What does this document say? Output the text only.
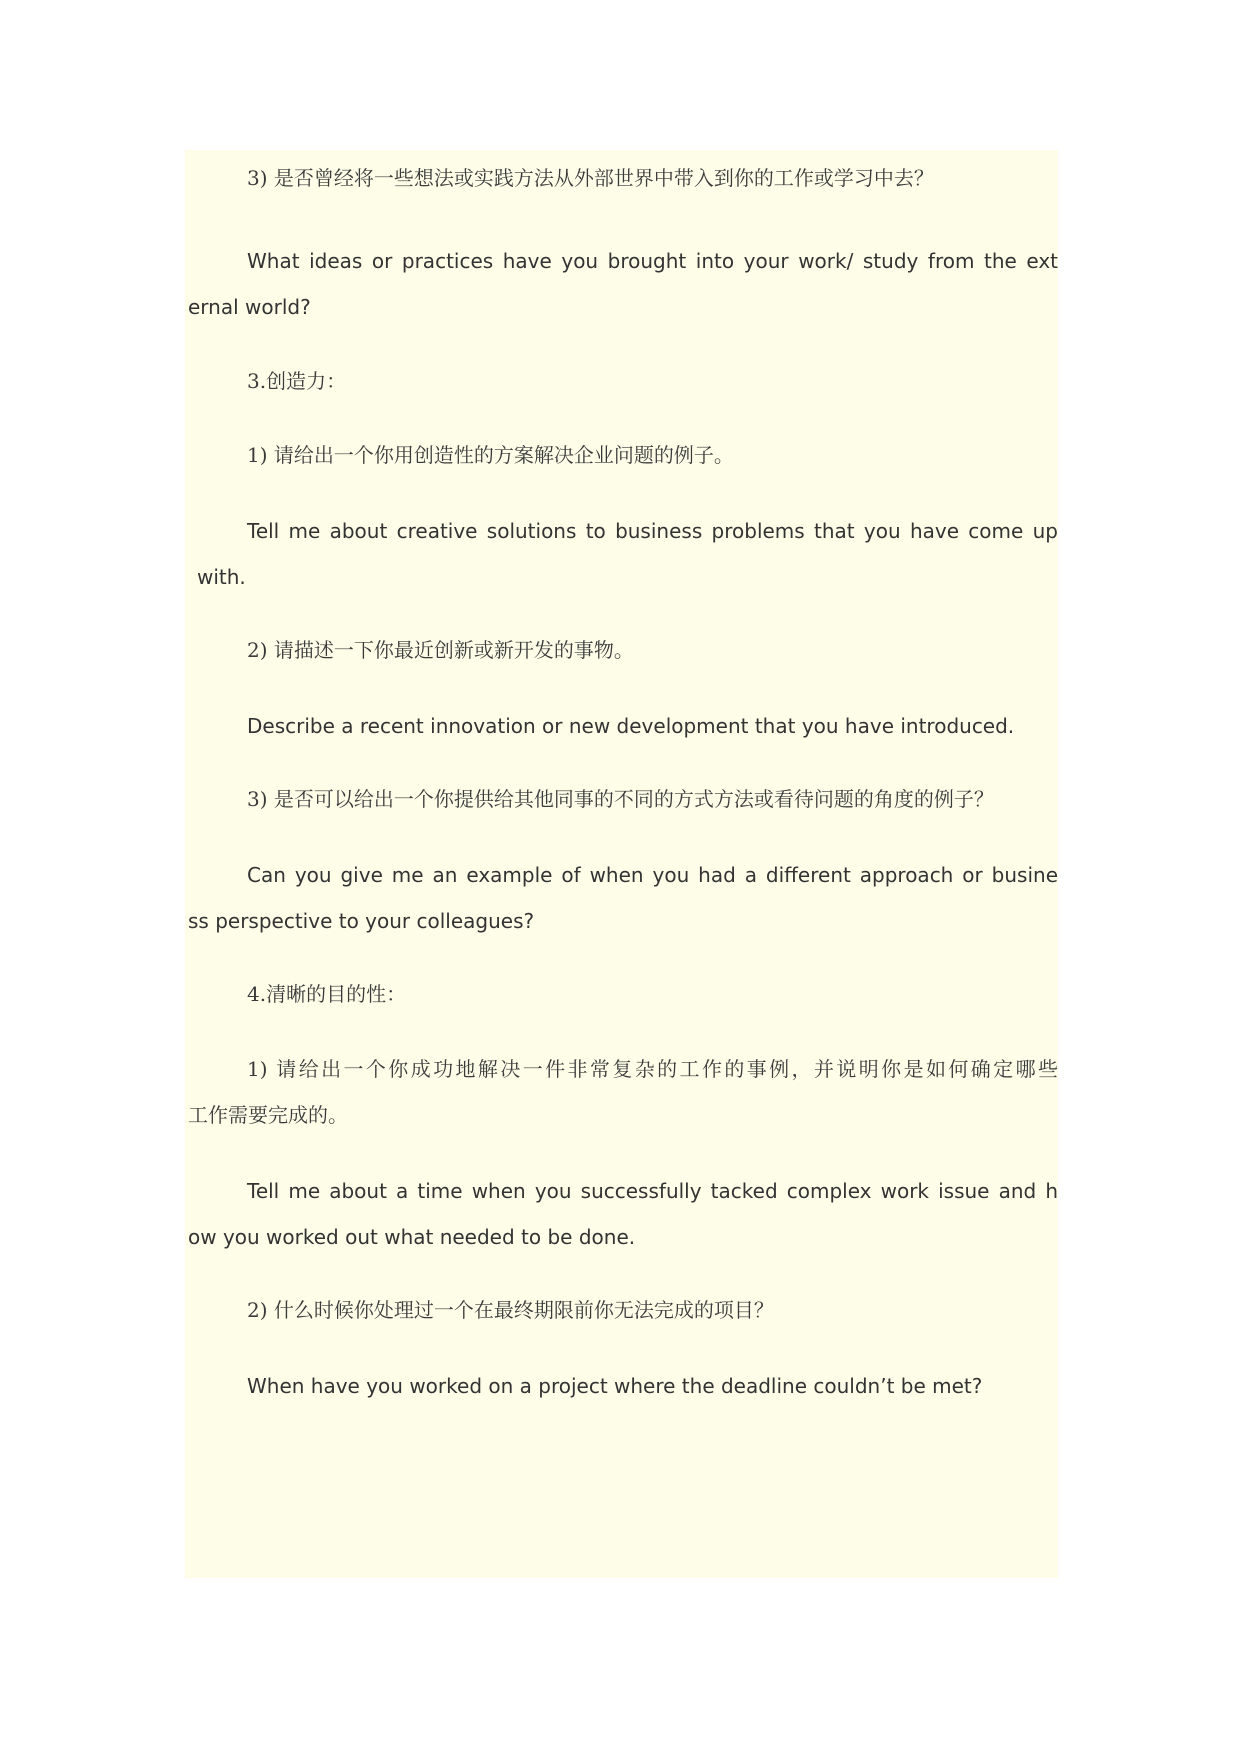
3) 是否曾经将一些想法或实践方法从外部世界中带入到你的工作或学习中去？

What ideas or practices have you brought into your work/ study from the ext

ernal world?

3.创造力：

1) 请给出一个你用创造性的方案解决企业问题的例子。

Tell me about creative solutions to business problems that you have come up

with.

2) 请描述一下你最近创新或新开发的事物。

Describe a recent innovation or new development that you have introduced.

3) 是否可以给出一个你提供给其他同事的不同的方式方法或看待问题的角度的例子？

Can you give me an example of when you had a different approach or busine

ss perspective to your colleagues?

4.清晰的目的性：

1) 请给出一个你成功地解决一件非常复杂的工作的事例，并说明你是如何确定哪些

工作需要完成的。

Tell me about a time when you successfully tacked complex work issue and h

ow you worked out what needed to be done.

2) 什么时候你处理过一个在最终期限前你无法完成的项目？

When have you worked on a project where the deadline couldn’t be met?
